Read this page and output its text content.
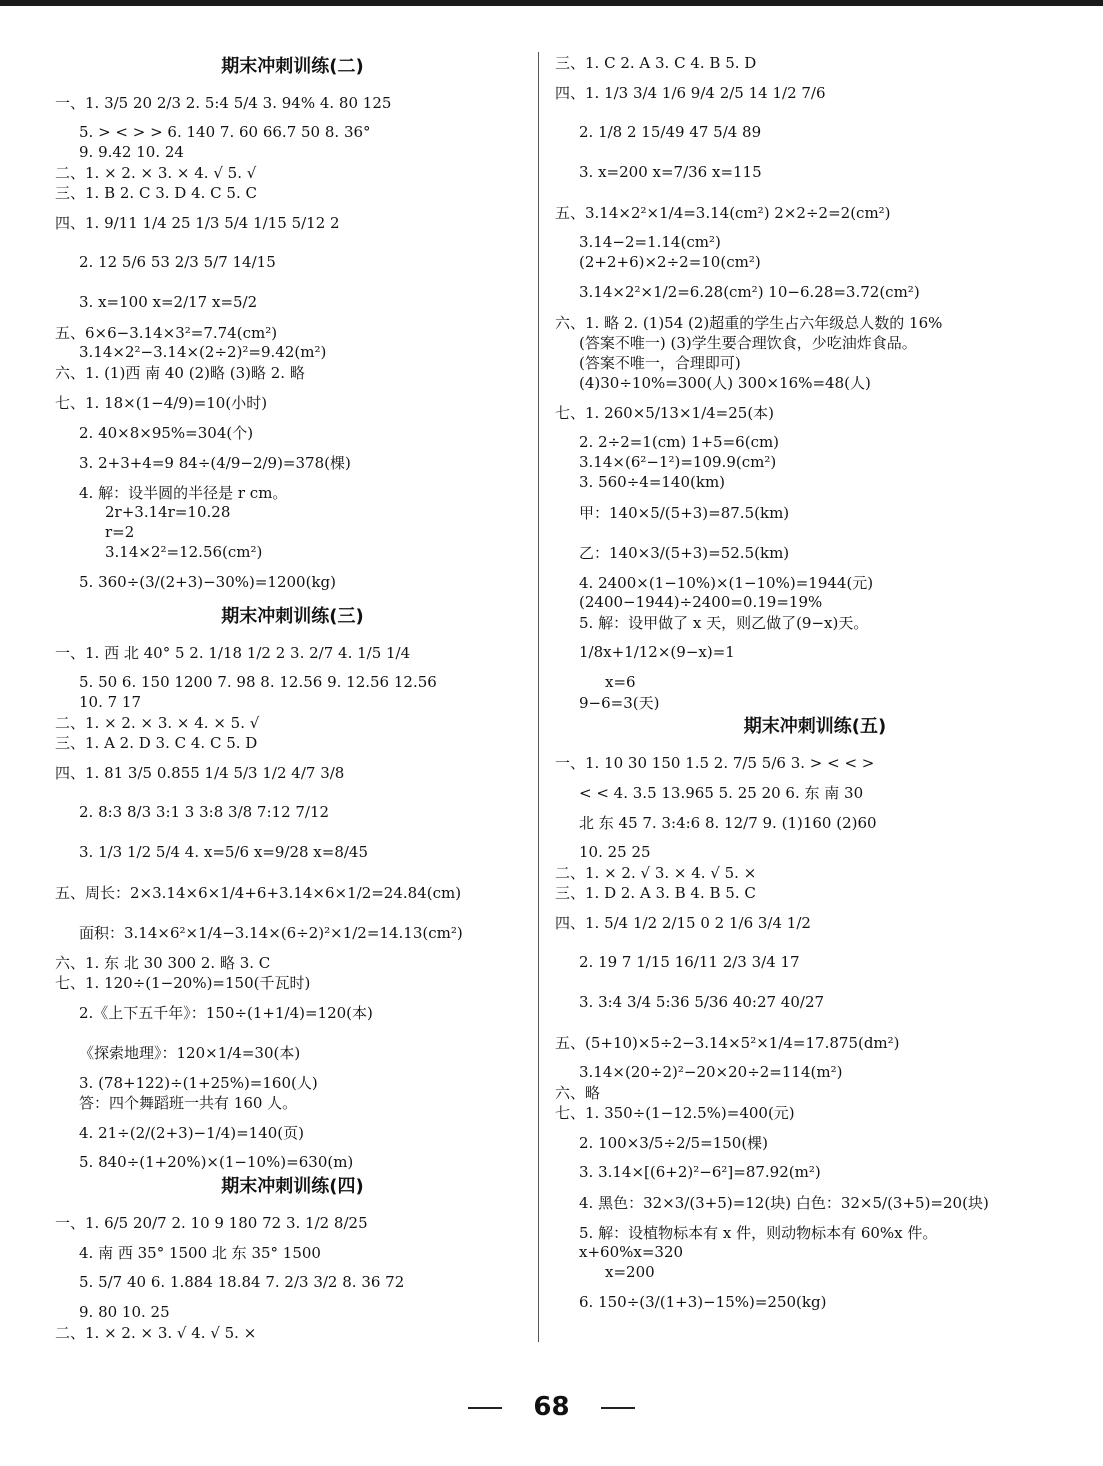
期末冲刺训练(二)
一、1. 3/5 20 2/3 2. 5:4 5/4 3. 94% 4. 80 125
5. > < > > 6. 140 7. 60 66.7 50 8. 36°
9. 9.42 10. 24
二、1. × 2. × 3. × 4. √ 5. √
三、1. B 2. C 3. D 4. C 5. C
四、1. 9/11 1/4 25 1/3 5/4 1/15 5/12 2
2. 12 5/6 53 2/3 5/7 14/15
3. x=100 x=2/17 x=5/2
五、6×6−3.14×3²=7.74(cm²)
3.14×2²−3.14×(2÷2)²=9.42(m²)
六、1. (1)西 南 40 (2)略 (3)略 2. 略
七、1. 18×(1−4/9)=10(小时)
2. 40×8×95%=304(个)
3. 2+3+4=9 84÷(4/9−2/9)=378(棵)
4. 解：设半圆的半径是 r cm。
2r+3.14r=10.28
r=2
3.14×2²=12.56(cm²)
5. 360÷(3/(2+3)−30%)=1200(kg)
期末冲刺训练(三)
一、1. 西 北 40° 5 2. 1/18 1/2 2 3. 2/7 4. 1/5 1/4
5. 50 6. 150 1200 7. 98 8. 12.56 9. 12.56 12.56
10. 7 17
二、1. × 2. × 3. × 4. × 5. √
三、1. A 2. D 3. C 4. C 5. D
四、1. 81 3/5 0.855 1/4 5/3 1/2 4/7 3/8
2. 8:3 8/3 3:1 3 3:8 3/8 7:12 7/12
3. 1/3 1/2 5/4 4. x=5/6 x=9/28 x=8/45
五、周长：2×3.14×6×1/4+6+3.14×6×1/2=24.84(cm)
面积：3.14×6²×1/4−3.14×(6÷2)²×1/2=14.13(cm²)
六、1. 东 北 30 300 2. 略 3. C
七、1. 120÷(1−20%)=150(千瓦时)
2.《上下五千年》：150÷(1+1/4)=120(本)
《探索地理》：120×1/4=30(本)
3. (78+122)÷(1+25%)=160(人)
答：四个舞蹈班一共有 160 人。
4. 21÷(2/(2+3)−1/4)=140(页)
5. 840÷(1+20%)×(1−10%)=630(m)
期末冲刺训练(四)
一、1. 6/5 20/7 2. 10 9 180 72 3. 1/2 8/25
4. 南 西 35° 1500 北 东 35° 1500
5. 5/7 40 6. 1.884 18.84 7. 2/3 3/2 8. 36 72
9. 80 10. 25
二、1. × 2. × 3. √ 4. √ 5. ×
三、1. C 2. A 3. C 4. B 5. D
四、1. 1/3 3/4 1/6 9/4 2/5 14 1/2 7/6
2. 1/8 2 15/49 47 5/4 89
3. x=200 x=7/36 x=115
五、3.14×2²×1/4=3.14(cm²) 2×2÷2=2(cm²)
3.14−2=1.14(cm²)
(2+2+6)×2÷2=10(cm²)
3.14×2²×1/2=6.28(cm²) 10−6.28=3.72(cm²)
六、1. 略 2. (1)54 (2)超重的学生占六年级总人数的 16%
(答案不唯一) (3)学生要合理饮食，少吃油炸食品。
(答案不唯一，合理即可)
(4)30÷10%=300(人) 300×16%=48(人)
七、1. 260×5/13×1/4=25(本)
2. 2÷2=1(cm) 1+5=6(cm)
3.14×(6²−1²)=109.9(cm²)
3. 560÷4=140(km)
甲：140×5/(5+3)=87.5(km)
乙：140×3/(5+3)=52.5(km)
4. 2400×(1−10%)×(1−10%)=1944(元)
(2400−1944)÷2400=0.19=19%
5. 解：设甲做了 x 天，则乙做了(9−x)天。
1/8x+1/12×(9−x)=1
x=6
9−6=3(天)
期末冲刺训练(五)
一、1. 10 30 150 1.5 2. 7/5 5/6 3. > < < >
< < 4. 3.5 13.965 5. 25 20 6. 东 南 30
北 东 45 7. 3:4:6 8. 12/7 9. (1)160 (2)60
10. 25 25
二、1. × 2. √ 3. × 4. √ 5. ×
三、1. D 2. A 3. B 4. B 5. C
四、1. 5/4 1/2 2/15 0 2 1/6 3/4 1/2
2. 19 7 1/15 16/11 2/3 3/4 17
3. 3:4 3/4 5:36 5/36 40:27 40/27
五、(5+10)×5÷2−3.14×5²×1/4=17.875(dm²)
3.14×(20÷2)²−20×20÷2=114(m²)
六、略
七、1. 350÷(1−12.5%)=400(元)
2. 100×3/5÷2/5=150(棵)
3. 3.14×[(6+2)²−6²]=87.92(m²)
4. 黑色：32×3/(3+5)=12(块) 白色：32×5/(3+5)=20(块)
5. 解：设植物标本有 x 件，则动物标本有 60%x 件。
x+60%x=320
x=200
6. 150÷(3/(1+3)−15%)=250(kg)
68
